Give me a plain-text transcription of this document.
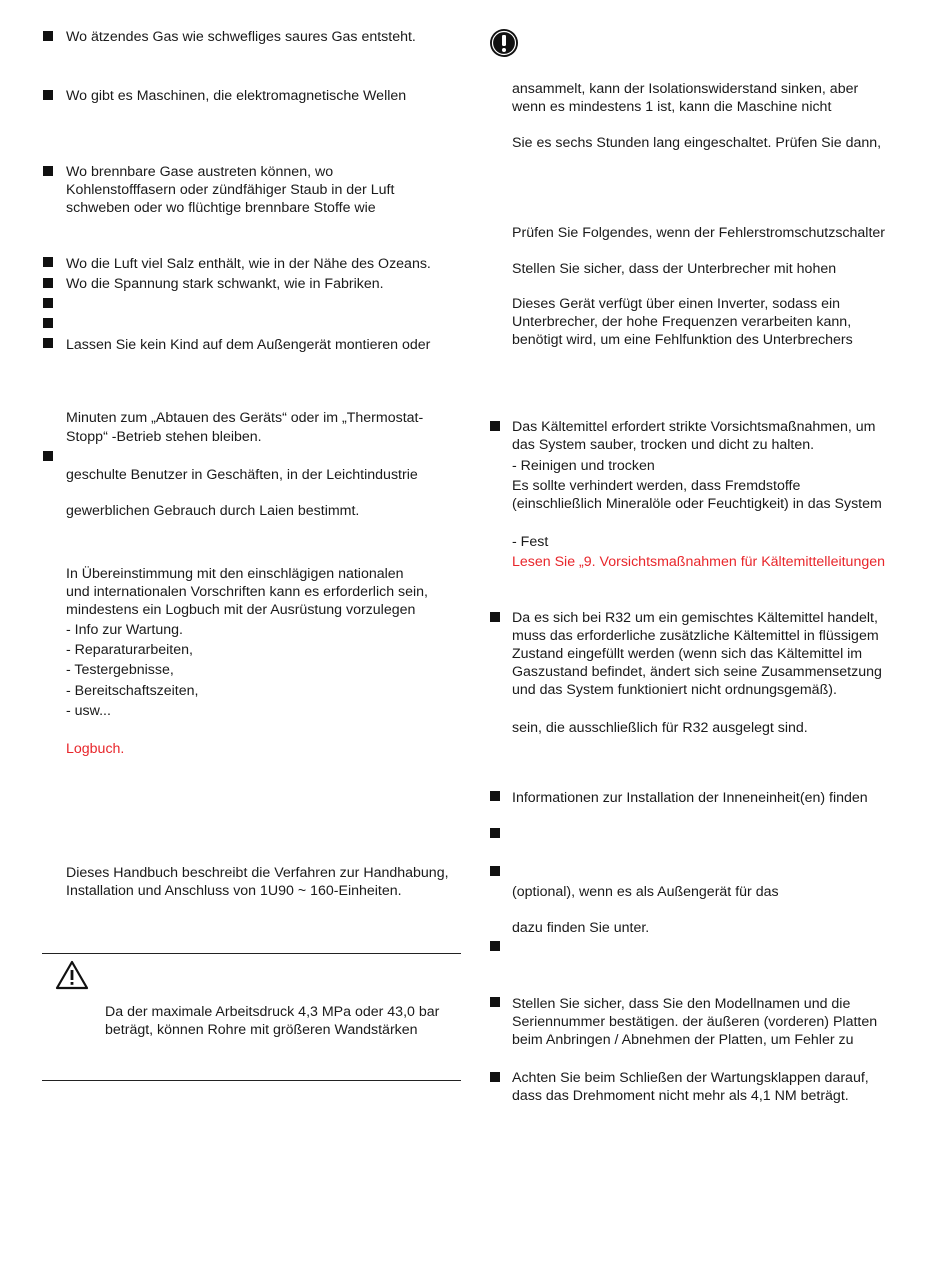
Wo ätzendes Gas wie schwefliges saures Gas entsteht.
Wo gibt es Maschinen, die elektromagnetische Wellen
Wo brennbare Gase austreten können, wo
Kohlenstofffasern oder zündfähiger Staub in der Luft
schweben oder wo flüchtige brennbare Stoffe wie
Wo die Luft viel Salz enthält, wie in der Nähe des Ozeans.
Wo die Spannung stark schwankt, wie in Fabriken.
Lassen Sie kein Kind auf dem Außengerät montieren oder
Minuten zum „Abtauen des Geräts“ oder im „Thermostat-
Stopp“ -Betrieb stehen bleiben.
geschulte Benutzer in Geschäften, in der Leichtindustrie
gewerblichen Gebrauch durch Laien bestimmt.
In Übereinstimmung mit den einschlägigen nationalen
und internationalen Vorschriften kann es erforderlich sein,
mindestens ein Logbuch mit der Ausrüstung vorzulegen
- Info zur Wartung.
- Reparaturarbeiten,
- Testergebnisse,
- Bereitschaftszeiten,
- usw...
Logbuch.
Dieses Handbuch beschreibt die Verfahren zur Handhabung,
Installation und Anschluss von 1U90 ~ 160-Einheiten.
Da der maximale Arbeitsdruck 4,3 MPa oder 43,0 bar
beträgt, können Rohre mit größeren Wandstärken
ansammelt, kann der Isolationswiderstand sinken, aber
wenn es mindestens 1 ist, kann die Maschine nicht
Sie es sechs Stunden lang eingeschaltet. Prüfen Sie dann,
Prüfen Sie Folgendes, wenn der Fehlerstromschutzschalter
Stellen Sie sicher, dass der Unterbrecher mit hohen
Dieses Gerät verfügt über einen Inverter, sodass ein
Unterbrecher, der hohe Frequenzen verarbeiten kann,
benötigt wird, um eine Fehlfunktion des Unterbrechers
Das Kältemittel erfordert strikte Vorsichtsmaßnahmen, um
das System sauber, trocken und dicht zu halten.
- Reinigen und trocken
Es sollte verhindert werden, dass Fremdstoffe
(einschließlich Mineralöle oder Feuchtigkeit) in das System
- Fest
Lesen Sie „9. Vorsichtsmaßnahmen für Kältemittelleitungen
Da es sich bei R32 um ein gemischtes Kältemittel handelt,
muss das erforderliche zusätzliche Kältemittel in flüssigem
Zustand eingefüllt werden (wenn sich das Kältemittel im
Gaszustand befindet, ändert sich seine Zusammensetzung
und das System funktioniert nicht ordnungsgemäß).
sein, die ausschließlich für R32 ausgelegt sind.
Informationen zur Installation der Inneneinheit(en) finden
(optional), wenn es als Außengerät für das
dazu finden Sie unter.
Stellen Sie sicher, dass Sie den Modellnamen und die
Seriennummer bestätigen. der äußeren (vorderen) Platten
beim Anbringen / Abnehmen der Platten, um Fehler zu
Achten Sie beim Schließen der Wartungsklappen darauf,
dass das Drehmoment nicht mehr als 4,1 NM beträgt.
